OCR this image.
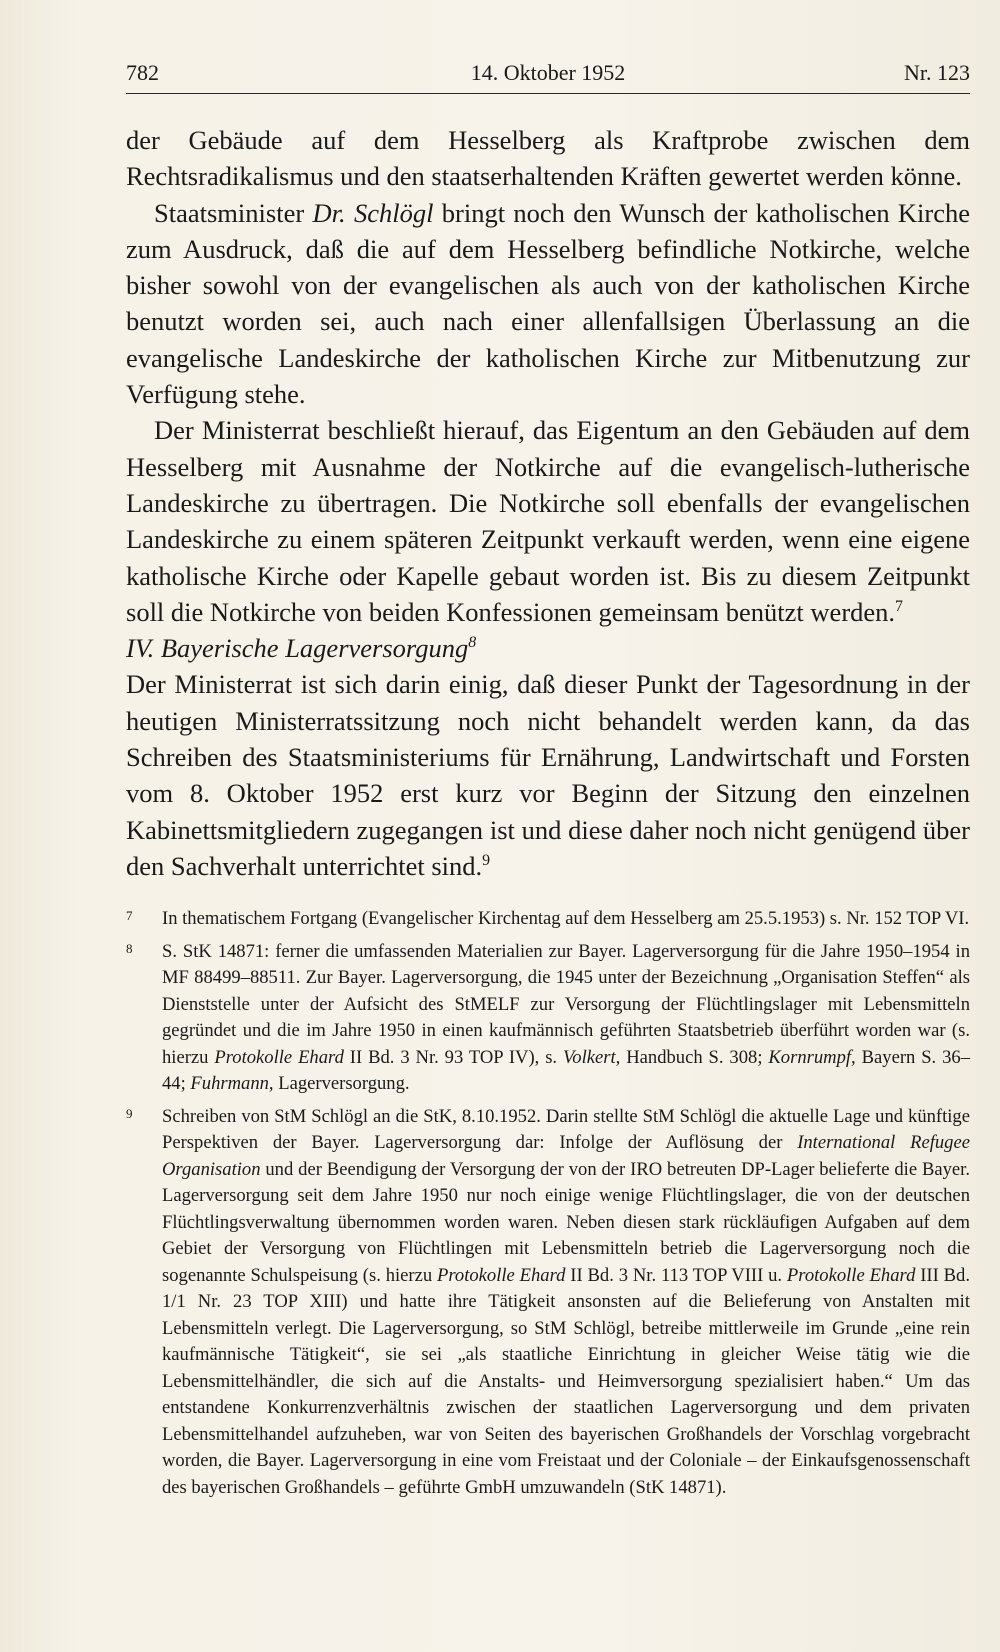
782	14. Oktober 1952	Nr. 123

der Gebäude auf dem Hesselberg als Kraftprobe zwischen dem Rechtsradikalismus und den staatserhaltenden Kräften gewertet werden könne.

Staatsminister Dr. Schlögl bringt noch den Wunsch der katholischen Kirche zum Ausdruck, daß die auf dem Hesselberg befindliche Notkirche, welche bisher sowohl von der evangelischen als auch von der katholischen Kirche benutzt worden sei, auch nach einer allenfallsigen Überlassung an die evangelische Landeskirche der katholischen Kirche zur Mitbenutzung zur Verfügung stehe.

Der Ministerrat beschließt hierauf, das Eigentum an den Gebäuden auf dem Hesselberg mit Ausnahme der Notkirche auf die evangelisch-lutherische Landeskirche zu übertragen. Die Notkirche soll ebenfalls der evangelischen Landeskirche zu einem späteren Zeitpunkt verkauft werden, wenn eine eigene katholische Kirche oder Kapelle gebaut worden ist. Bis zu diesem Zeitpunkt soll die Notkirche von beiden Konfessionen gemeinsam benützt werden.$^7$

IV. Bayerische Lagerversorgung$^8$

Der Ministerrat ist sich darin einig, daß dieser Punkt der Tagesordnung in der heutigen Ministerratssitzung noch nicht behandelt werden kann, da das Schreiben des Staatsministeriums für Ernährung, Landwirtschaft und Forsten vom 8. Oktober 1952 erst kurz vor Beginn der Sitzung den einzelnen Kabinettsmitgliedern zugegangen ist und diese daher noch nicht genügend über den Sachverhalt unterrichtet sind.$^9$

7 In thematischem Fortgang (Evangelischer Kirchentag auf dem Hesselberg am 25.5.1953) s. Nr. 152 TOP VI.

8 S. StK 14871: ferner die umfassenden Materialien zur Bayer. Lagerversorgung für die Jahre 1950–1954 in MF 88499–88511. Zur Bayer. Lagerversorgung, die 1945 unter der Bezeichnung „Organisation Steffen“ als Dienststelle unter der Aufsicht des StMELF zur Versorgung der Flüchtlingslager mit Lebensmitteln gegründet und die im Jahre 1950 in einen kaufmännisch geführten Staatsbetrieb überführt worden war (s. hierzu Protokolle Ehard II Bd. 3 Nr. 93 TOP IV), s. Volkert, Handbuch S. 308; Kornrumpf, Bayern S. 36–44; Fuhrmann, Lagerversorgung.

9 Schreiben von StM Schlögl an die StK, 8.10.1952. Darin stellte StM Schlögl die aktuelle Lage und künftige Perspektiven der Bayer. Lagerversorgung dar: Infolge der Auflösung der International Refugee Organisation und der Beendigung der Versorgung der von der IRO betreuten DP-Lager belieferte die Bayer. Lagerversorgung seit dem Jahre 1950 nur noch einige wenige Flüchtlingslager, die von der deutschen Flüchtlingsverwaltung übernommen worden waren. Neben diesen stark rückläufigen Aufgaben auf dem Gebiet der Versorgung von Flüchtlingen mit Lebensmitteln betrieb die Lagerversorgung noch die sogenannte Schulspeisung (s. hierzu Protokolle Ehard II Bd. 3 Nr. 113 TOP VIII u. Protokolle Ehard III Bd. 1/1 Nr. 23 TOP XIII) und hatte ihre Tätigkeit ansonsten auf die Belieferung von Anstalten mit Lebensmitteln verlegt. Die Lagerversorgung, so StM Schlögl, betreibe mittlerweile im Grunde „eine rein kaufmännische Tätigkeit“, sie sei „als staatliche Einrichtung in gleicher Weise tätig wie die Lebensmittelhändler, die sich auf die Anstalts- und Heimversorgung spezialisiert haben.“ Um das entstandene Konkurrenzverhältnis zwischen der staatlichen Lagerversorgung und dem privaten Lebensmittelhandel aufzuheben, war von Seiten des bayerischen Großhandels der Vorschlag vorgebracht worden, die Bayer. Lagerversorgung in eine vom Freistaat und der Coloniale – der Einkaufsgenossenschaft des bayerischen Großhandels – geführte GmbH umzuwandeln (StK 14871).
